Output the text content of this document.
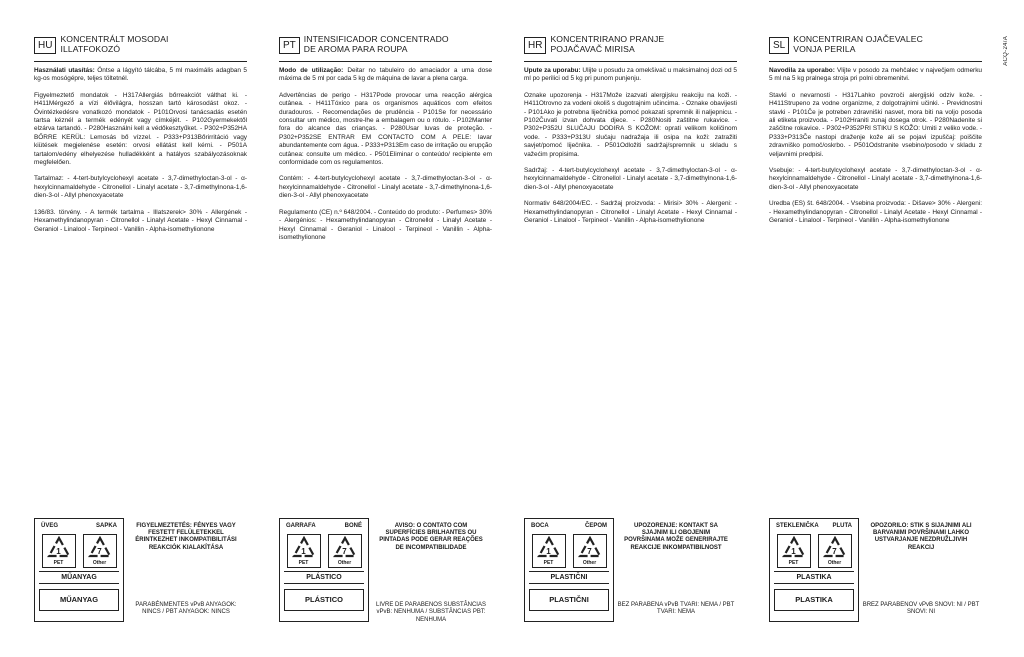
ACQ-24/A
HU
KONCENTRÁLT MOSODAI
ILLATFOKOZÓ

Használati utasítás: Öntse a lágyító tálcába, 5 ml maximális adagban 5 kg-os mosógépre, teljes töltetnél.

Figyelmeztető mondatok - H317Allergiás bőrreakciót válthat ki. - H411Mérgező a vízi élővilágra, hosszan tartó károsodást okoz. - Óvintézkedésre vonatkozó mondatok - P101Orvosi tanácsadás esetén tartsa kéznél a termék edényét vagy címkéjét. - P102Gyermekektől elzárva tartandó. - P280Használni kell a védőkesztyűket. - P302+P352HA BŐRRE KERÜL: Lemosás bő vízzel. - P333+P313Bőrirritáció vagy kiütések megjelenése esetén: orvosi ellátást kell kérni. - P501A tartalom/edény elhelyezése hulladékként a hatályos szabályozásoknak megfelelően.

Tartalmaz: - 4-tert-butylcyclohexyl acetate - 3,7-dimethyloctan-3-ol - α-hexylcinnamaldehyde - Citronellol - Linalyl acetate - 3,7-dimethylnona-1,6-dien-3-ol - Allyl phenoxyacetate

136/83. törvény. - A termék tartalma - Illatszerek> 30% - Allergének - Hexamethylindanopyran - Citronellol - Linalyl Acetate - Hexyl Cinnamal - Geraniol - Linalool - Terpineol - Vanillin - Alpha-isomethylionone

PT
INTENSIFICADOR CONCENTRADO
DE AROMA PARA ROUPA

Modo de utilização: Deitar no tabuleiro do amaciador a uma dose máxima de 5 ml por cada 5 kg de máquina de lavar a plena carga.

Advertências de perigo - H317Pode provocar uma reacção alérgica cutânea. - H411Tóxico para os organismos aquáticos com efeitos duradouros. - Recomendações de prudência - P101Se for necessário consultar um médico, mostre-lhe a embalagem ou o rótulo. - P102Manter fora do alcance das crianças. - P280Usar luvas de proteção. - P302+P352SE ENTRAR EM CONTACTO COM A PELE: lavar abundantemente com água. - P333+P313Em caso de irritação ou erupção cutânea: consulte um médico. - P501Eliminar o conteúdo/ recipiente em conformidade com os regulamentos.

Contém: - 4-tert-butylcyclohexyl acetate - 3,7-dimethyloctan-3-ol - α-hexylcinnamaldehyde - Citronellol - Linalyl acetate - 3,7-dimethylnona-1,6-dien-3-ol - Allyl phenoxyacetate

Regulamento (CE) n.º 648/2004. - Conteúdo do produto: - Perfumes> 30% - Alergénios: - Hexamethylindanopyran - Citronellol - Linalyl Acetate - Hexyl Cinnamal - Geraniol - Linalool - Terpineol - Vanillin - Alpha-isomethylionone

HR
KONCENTRIRANO PRANJE
POJAČAVAČ MIRISA

Upute za uporabu: Ulijte u posudu za omekšivač u maksimalnoj dozi od 5 ml po perilici od 5 kg pri punom punjenju.

Oznake upozorenja - H317Može izazvati alergijsku reakciju na koži. - H411Otrovno za vodeni okoliš s dugotrajnim učincima. - Oznake obavijesti - P101Ako je potrebna liječnička pomoć pokazati spremnik ili naljepnicu. - P102Čuvati izvan dohvata djece. - P280Nositi zaštitne rukavice. - P302+P352U SLUČAJU DODIRA S KOŽOM: oprati velikom količinom vode. - P333+P313U slučaju nadražaja ili osipa na koži: zatražiti savjet/pomoć liječnika. - P501Odložiti sadržaj/spremnik u skladu s važećim propisima.

Sadržaj: - 4-tert-butylcyclohexyl acetate - 3,7-dimethyloctan-3-ol - α-hexylcinnamaldehyde - Citronellol - Linalyl acetate - 3,7-dimethylnona-1,6-dien-3-ol - Allyl phenoxyacetate

Normativ 648/2004/EC. - Sadržaj proizvoda: - Mirisi> 30% - Alergeni: - Hexamethylindanopyran - Citronellol - Linalyl Acetate - Hexyl Cinnamal - Geraniol - Linalool - Terpineol - Vanillin - Alpha-isomethylionone

SL
KONCENTRIRAN OJAČEVALEC
VONJA PERILA

Navodila za uporabo: Vlijte v posodo za mehčalec v največjem odmerku 5 ml na 5 kg pralnega stroja pri polni obremenitvi.

Stavki o nevarnosti - H317Lahko povzroči alergijski odziv kože. - H411Strupeno za vodne organizme, z dolgotrajnimi učinki. - Previdnostni stavki - P101Če je potreben zdravniški nasvet, mora biti na voljo posoda ali etiketa proizvoda. - P102Hraniti zunaj dosega otrok. - P280Nadenite si zaščitne rokavice. - P302+P352PRI STIKU S KOŽO: Umiti z veliko vode. - P333+P313Če nastopi draženje kože ali se pojavi izpuščaj: poiščite zdravniško pomoč/oskrbo. - P501Odstranite vsebino/posodo v skladu z veljavnimi predpisi.

Vsebuje: - 4-tert-butylcyclohexyl acetate - 3,7-dimethyloctan-3-ol - α-hexylcinnamaldehyde - Citronellol - Linalyl acetate - 3,7-dimethylnona-1,6-dien-3-ol - Allyl phenoxyacetate

Uredba (ES) št. 648/2004. - Vsebina proizvoda: - Dišave> 30% - Alergeni: - Hexamethylindanopyran - Citronellol - Linalyl Acetate - Hexyl Cinnamal - Geraniol - Linalool - Terpineol - Vanillin - Alpha-isomethylionone

ÜVEG	SAPKA
1
PET
7
Other
MŰANYAG
MŰANYAG
GARRAFA	BONÉ
1
PET
7
Other
PLÁSTICO
PLÁSTICO
BOCA	ČEPOM
1
PET
7
Other
PLASTIČNI
PLASTIČNI
STEKLENIČKA PLUTA
1
PET
7
Other
PLASTIKA
PLASTIKA
FIGYELMEZTETÉS: FÉNYES VAGY FESTETT FELÜLETEKKEL ÉRINTKEZHET INKOMPATIBILITÁSI REAKCIÓK KIALAKÍTÁSA
AVISO: O CONTATO COM SUPERFÍCIES BRILHANTES OU PINTADAS PODE GERAR REAÇÕES DE INCOMPATIBILIDADE
UPOZORENJE: KONTAKT SA SJAJNIM ILI OBOJENIM POVRŠINAMA MOŽE GENERIRAJTE REAKCIJE INKOMPATIBILNOST
OPOZORILO: STIK S SIJAJNIMI ALI BARVANIMI POVRŠINAMI LAHKO USTVARJANJE NEZDRUŽLJIVIH REAKCIJ
PARABÉNMENTES vPvB ANYAGOK: NINCS / PBT ANYAGOK: NINCS
LIVRE DE PARABENOS SUBSTÂNCIAS vPvB: NENHUMA / SUBSTÂNCIAS PBT: NENHUMA
BEZ PARABENA vPvB TVARI: NEMA / PBT TVARI: NEMA
BREZ PARABENOV vPvB SNOVI: NI / PBT SNOVI: NI
